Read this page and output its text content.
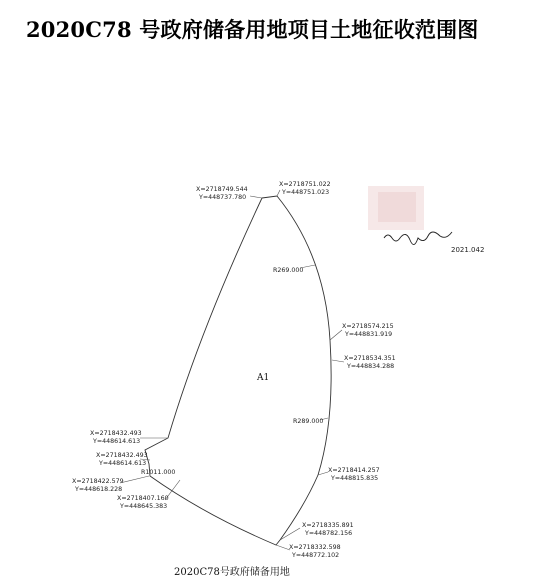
2020C78 号政府储备用地项目土地征收范围图
A1
R269.000
R289.000
R1011.000
X=2718749.544
Y=448737.780
X=2718751.022
Y=448751.023
X=2718574.215
Y=448831.919
X=2718534.351
Y=448834.288
X=2718414.257
Y=448815.835
X=2718335.891
Y=448782.156
X=2718332.598
Y=448772.102
X=2718432.493
Y=448614.613
X=2718432.493
Y=448614.613
X=2718422.579
Y=448618.228
X=2718407.160
Y=448645.383
贵阳市城乡规划局
2021.042
2020C78号政府储备用地
